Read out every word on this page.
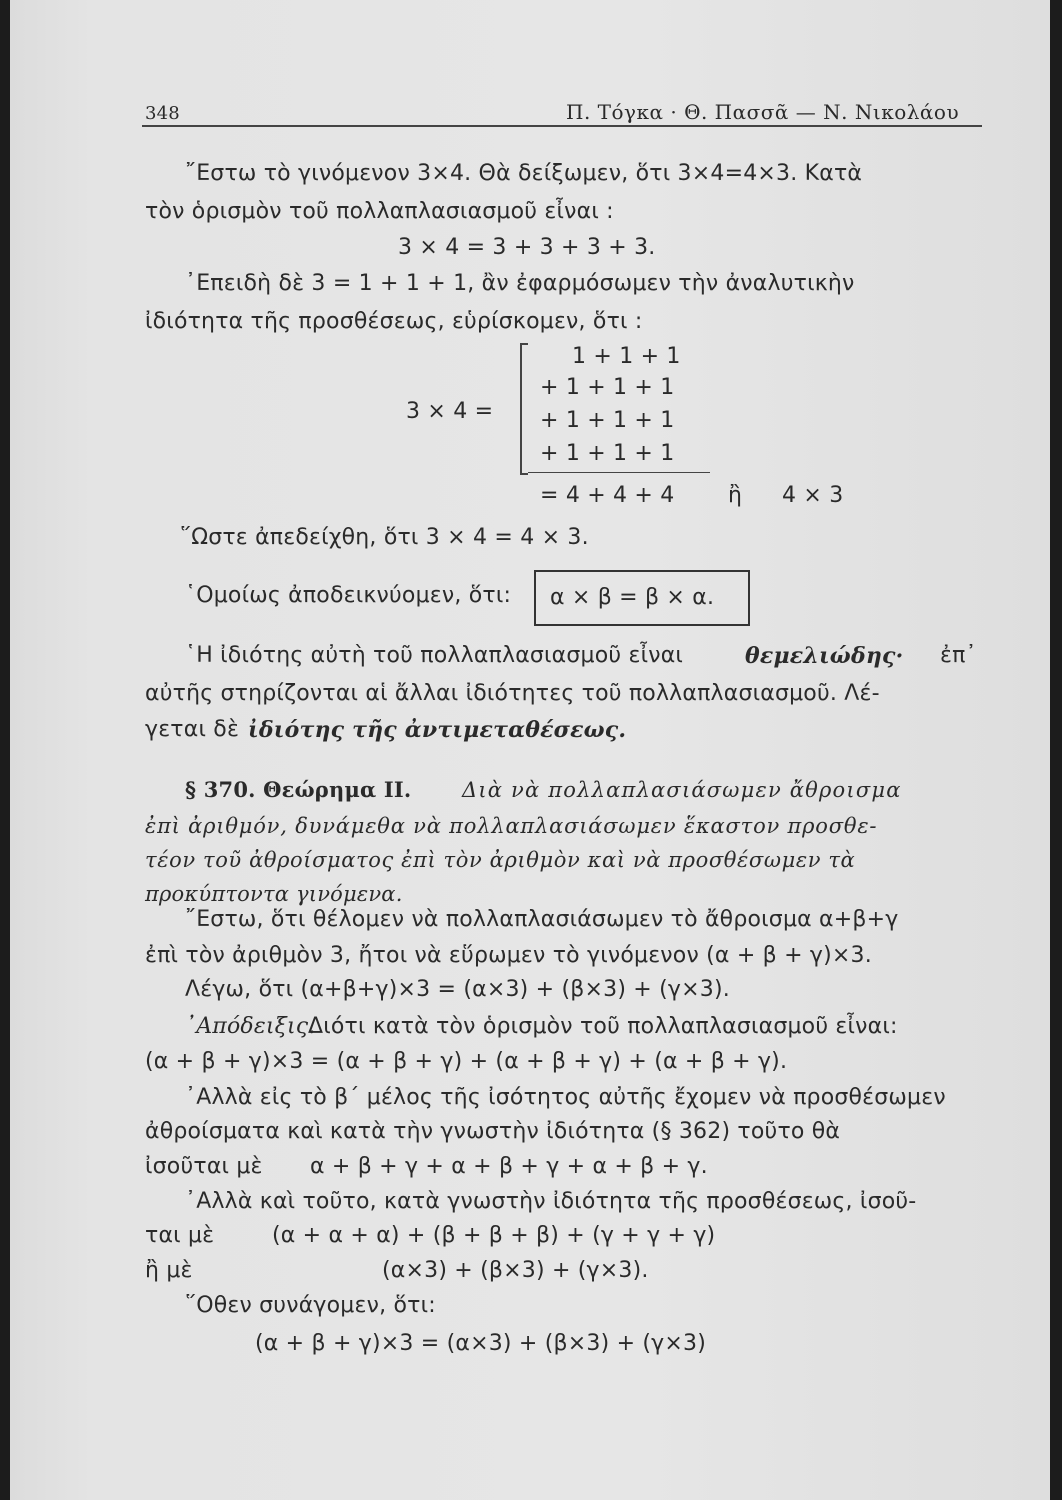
348	Π. Τόγκα · Θ. Πασσᾶ — Ν. Νικολάου
῎Εστω τὸ γινόμενον 3×4. Θὰ δείξωμεν, ὅτι 3×4=4×3. Κατὰ
τὸν ὁρισμὸν τοῦ πολλαπλασιασμοῦ εἶναι :
3 × 4 = 3 + 3 + 3 + 3.
᾿Επειδὴ δὲ 3 = 1 + 1 + 1, ἂν ἐφαρμόσωμεν τὴν ἀναλυτικὴν
ἰδιότητα τῆς προσθέσεως, εὑρίσκομεν, ὅτι :
3 × 4 =
1 + 1 + 1
+ 1 + 1 + 1
+ 1 + 1 + 1
+ 1 + 1 + 1
= 4 + 4 + 4 ἢ 4 × 3
῞Ωστε ἀπεδείχθη, ὅτι 3 × 4 = 4 × 3.
῾Ομοίως ἀποδεικνύομεν, ὅτι: α × β = β × α.
῾Η ἰδιότης αὐτὴ τοῦ πολλαπλασιασμοῦ εἶναι	θεμελιώδης· ἐπ᾿
αὐτῆς στηρίζονται αἱ ἄλλαι ἰδιότητες τοῦ πολλαπλασιασμοῦ. Λέ-
γεται δὲ ἰδιότης τῆς ἀντιμεταθέσεως.
§ 370. Θεώρημα ΙΙ. Διὰ νὰ πολλαπλασιάσωμεν ἄθροισμα
ἐπὶ ἀριθμόν, δυνάμεθα νὰ πολλαπλασιάσωμεν ἕκαστον προσθε-
τέον τοῦ ἀθροίσματος ἐπὶ τὸν ἀριθμὸν καὶ νὰ προσθέσωμεν τὰ
προκύπτοντα γινόμενα.
῎Εστω, ὅτι θέλομεν νὰ πολλαπλασιάσωμεν τὸ ἄθροισμα α+β+γ
ἐπὶ τὸν ἀριθμὸν 3, ἤτοι νὰ εὕρωμεν τὸ γινόμενον (α + β + γ)×3.
Λέγω, ὅτι (α+β+γ)×3 = (α×3) + (β×3) + (γ×3).
᾿Απόδειξις.
Διότι κατὰ τὸν ὁρισμὸν τοῦ πολλαπλασιασμοῦ εἶναι:
(α + β + γ)×3 = (α + β + γ) + (α + β + γ) + (α + β + γ).
᾿Αλλὰ εἰς τὸ β´ μέλος τῆς ἰσότητος αὐτῆς ἔχομεν νὰ προσθέσωμεν
ἀθροίσματα καὶ κατὰ τὴν γνωστὴν ἰδιότητα (§ 362) τοῦτο θὰ
ἰσοῦται μὲ α + β + γ + α + β + γ + α + β + γ.
᾿Αλλὰ καὶ τοῦτο, κατὰ γνωστὴν ἰδιότητα τῆς προσθέσεως, ἰσοῦ-
ται μὲ	(α + α + α) + (β + β + β) + (γ + γ + γ)
ἢ μὲ	(α×3) + (β×3) + (γ×3).
῞Οθεν συνάγομεν, ὅτι:
(α + β + γ)×3 = (α×3) + (β×3) + (γ×3)
